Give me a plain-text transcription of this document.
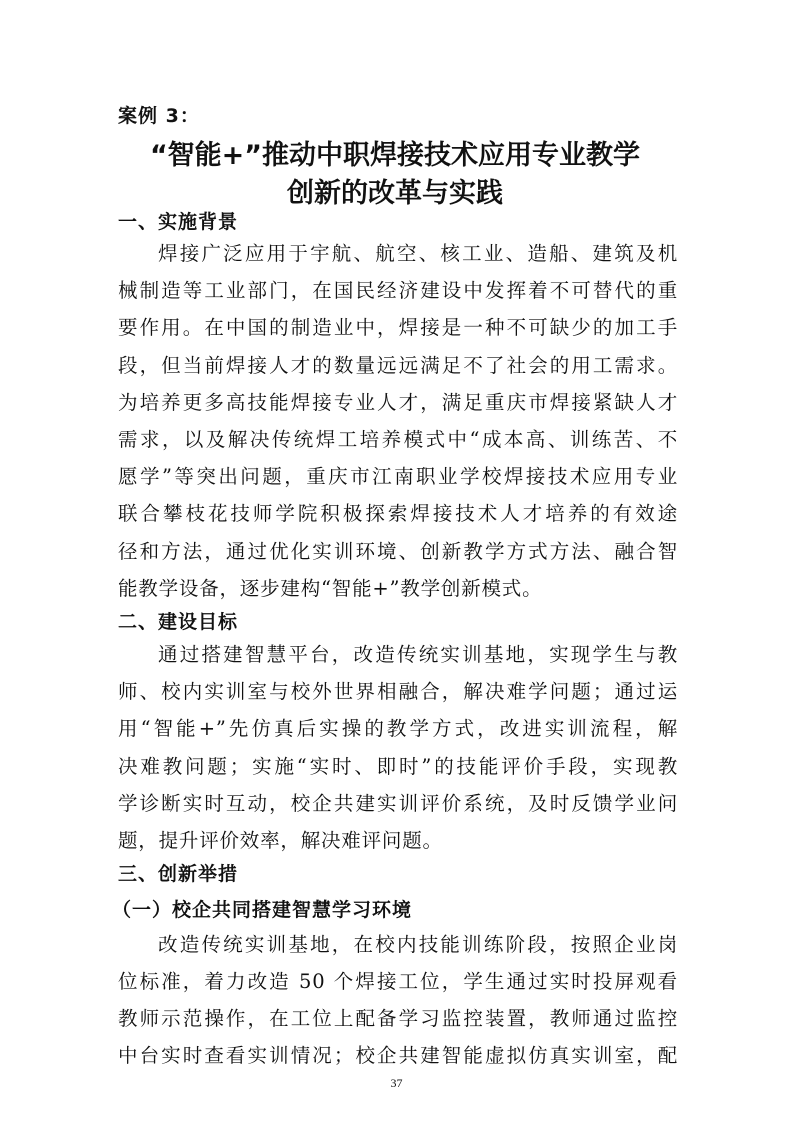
案例 3：
“智能+”推动中职焊接技术应用专业教学
创新的改革与实践
一、实施背景
焊接广泛应用于宇航、航空、核工业、造船、建筑及机
械制造等工业部门，在国民经济建设中发挥着不可替代的重
要作用。在中国的制造业中，焊接是一种不可缺少的加工手
段，但当前焊接人才的数量远远满足不了社会的用工需求。
为培养更多高技能焊接专业人才，满足重庆市焊接紧缺人才
需求，以及解决传统焊工培养模式中“成本高、训练苦、不
愿学”等突出问题，重庆市江南职业学校焊接技术应用专业
联合攀枝花技师学院积极探索焊接技术人才培养的有效途
径和方法，通过优化实训环境、创新教学方式方法、融合智
能教学设备，逐步建构“智能+”教学创新模式。
二、建设目标
通过搭建智慧平台，改造传统实训基地，实现学生与教
师、校内实训室与校外世界相融合，解决难学问题；通过运
用“智能+”先仿真后实操的教学方式，改进实训流程，解
决难教问题；实施“实时、即时”的技能评价手段，实现教
学诊断实时互动，校企共建实训评价系统，及时反馈学业问
题，提升评价效率，解决难评问题。
三、创新举措
（一）校企共同搭建智慧学习环境
改造传统实训基地，在校内技能训练阶段，按照企业岗
位标准，着力改造 50 个焊接工位，学生通过实时投屏观看
教师示范操作，在工位上配备学习监控装置，教师通过监控
中台实时查看实训情况；校企共建智能虚拟仿真实训室，配
37
